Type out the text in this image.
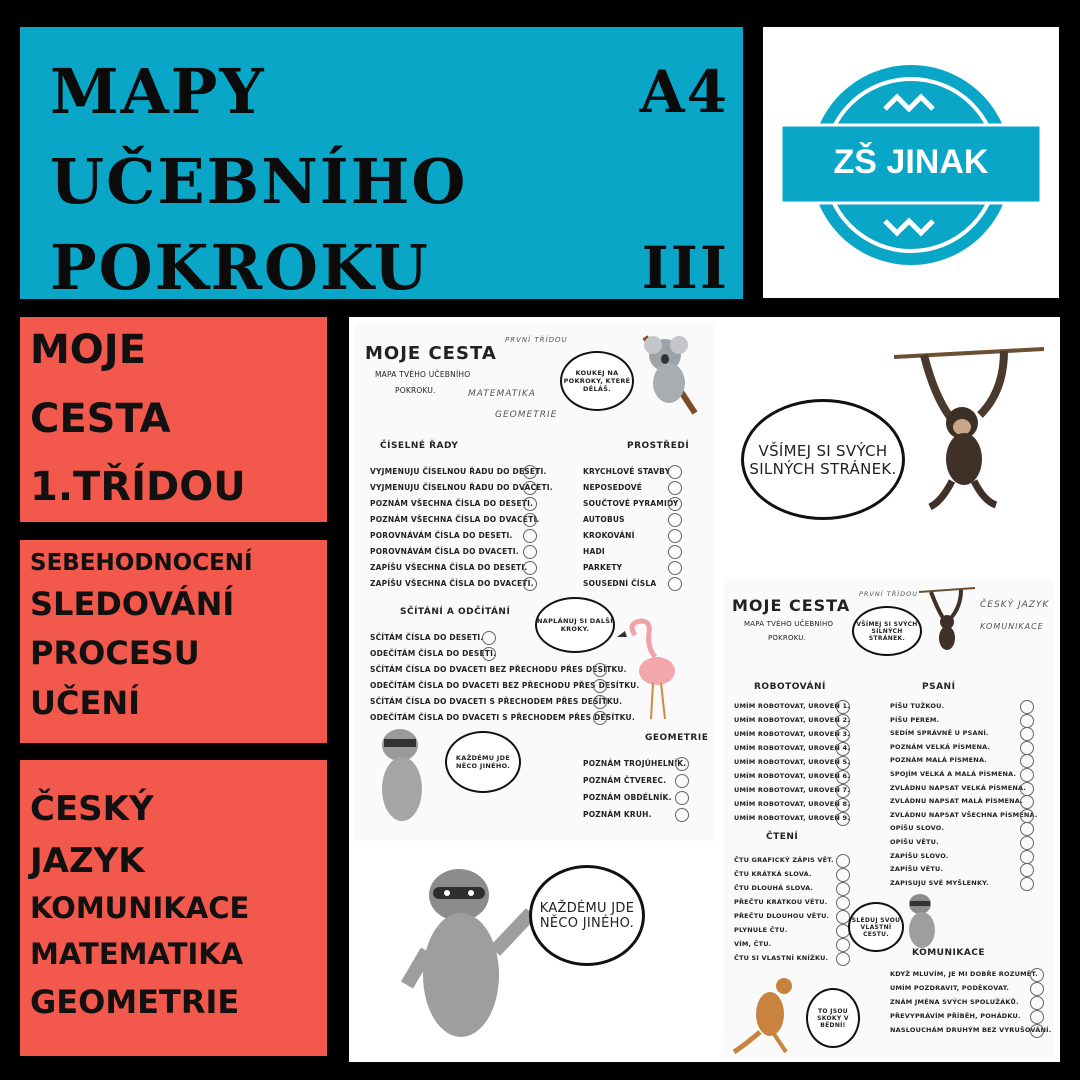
MAPY
UČEBNÍHO
POKROKU
A4
III
ZŠ JINAK
MOJE
CESTA
1.TŘÍDOU
SEBEHODNOCENÍ
SLEDOVÁNÍ
PROCESU
UČENÍ
ČESKÝ
JAZYK
KOMUNIKACE
MATEMATIKA
GEOMETRIE
MOJE CESTA
MAPA TVÉHO UČEBNÍHO
POKROKU.
PRVNÍ TŘÍDOU
MATEMATIKA
GEOMETRIE
KOUKEJ NA POKROKY, KTERÉ DĚLÁŠ.
ČÍSELNÉ ŘADY	PROSTŘEDÍ
VYJMENUJU ČÍSELNOU ŘADU DO DESETI.
VYJMENUJU ČÍSELNOU ŘADU DO DVACETI.
POZNÁM VŠECHNA ČÍSLA DO DESETI.
POZNÁM VŠECHNA ČÍSLA DO DVACETI.
POROVNÁVÁM ČÍSLA DO DESETI.
POROVNÁVÁM ČÍSLA DO DVACETI.
ZAPÍŠU VŠECHNA ČÍSLA DO DESETI.
ZAPÍŠU VŠECHNA ČÍSLA DO DVACETI.
KRYCHLOVÉ STAVBY
NEPOSEDOVÉ
SOUČTOVÉ PYRAMIDY
AUTOBUS
KROKOVÁNÍ
HADI
PARKETY
SOUSEDNÍ ČÍSLA
SČÍTÁNÍ A ODČÍTÁNÍ
SČÍTÁM ČÍSLA DO DESETI.
ODEČÍTÁM ČÍSLA DO DESETI.
SČÍTÁM ČÍSLA DO DVACETI BEZ PŘECHODU PŘES DESÍTKU.
ODEČÍTÁM ČÍSLA DO DVACETI BEZ PŘECHODU PŘES DESÍTKU.
SČÍTÁM ČÍSLA DO DVACETI S PŘECHODEM PŘES DESÍTKU.
ODEČÍTÁM ČÍSLA DO DVACETI S PŘECHODEM PŘES DESÍTKU.
NAPLÁNUJ SI DALŠÍ KROKY.
KAŽDÉMU JDE NĚCO JINÉHO.
GEOMETRIE
POZNÁM TROJÚHELNÍK.
POZNÁM ČTVEREC.
POZNÁM OBDÉLNÍK.
POZNÁM KRUH.
VŠÍMEJ SI SVÝCH SILNÝCH STRÁNEK.
KAŽDÉMU JDE NĚCO JINÉHO.
MOJE CESTA
MAPA TVÉHO UČEBNÍHO
POKROKU.
PRVNÍ TŘÍDOU
ČESKÝ JAZYK
KOMUNIKACE
VŠÍMEJ SI SVÝCH SILNÝCH STRÁNEK.
ROBOTOVÁNÍ	PSANÍ
UMÍM ROBOTOVAT, UROVEŇ 1.
UMÍM ROBOTOVAT, UROVEŇ 2.
UMÍM ROBOTOVAT, UROVEŇ 3.
UMÍM ROBOTOVAT, UROVEŇ 4.
UMÍM ROBOTOVAT, UROVEŇ 5.
UMÍM ROBOTOVAT, UROVEŇ 6.
UMÍM ROBOTOVAT, UROVEŇ 7.
UMÍM ROBOTOVAT, UROVEŇ 8.
UMÍM ROBOTOVAT, UROVEŇ 9.
PÍŠU TUŽKOU.
PÍŠU PEREM.
SEDÍM SPRÁVNĚ U PSANÍ.
POZNÁM VELKÁ PÍSMENA.
POZNÁM MALÁ PÍSMENA.
SPOJÍM VELKÁ A MALÁ PÍSMENA.
ZVLÁDNU NAPSAT VELKÁ PÍSMENA.
ZVLÁDNU NAPSAT MALÁ PÍSMENA.
ZVLÁDNU NAPSAT VŠECHNA PÍSMENA.
OPÍŠU SLOVO.
OPÍŠU VĚTU.
ZAPÍŠU SLOVO.
ZAPÍŠU VĚTU.
ZAPISUJU SVÉ MYŠLENKY.
ČTENÍ
ČTU GRAFICKÝ ZÁPIS VĚT.
ČTU KRÁTKÁ SLOVA.
ČTU DLOUHÁ SLOVA.
PŘEČTU KRÁTKOU VĚTU.
PŘEČTU DLOUHOU VĚTU.
PLYNULE ČTU.
VÍM, ČTU.
ČTU SI VLASTNÍ KNÍŽKU.
SLEDUJ SVOU VLASTNÍ CESTU.
KOMUNIKACE
KDYŽ MLUVÍM, JE MI DOBŘE ROZUMĚT.
UMÍM POZDRAVIT, PODĚKOVAT.
ZNÁM JMÉNA SVÝCH SPOLUŽÁKŮ.
PŘEVYPRÁVÍM PŘÍBĚH, POHÁDKU.
NASLOUCHÁM DRUHÝM BEZ VYRUŠOVÁNÍ.
TO JSOU SKOKY V BĚDNÍ!
